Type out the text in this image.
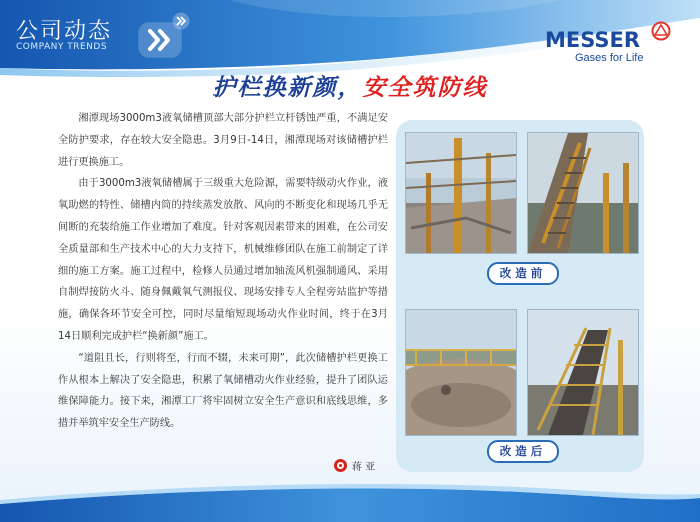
公司动态
COMPANY TRENDS	MESSER
Gases for Life
护栏换新颜，安全筑防线

湘潭现场3000m3液氧储槽顶部大部分护栏立杆锈蚀严重，不满足安全防护要求，存在较大安全隐患。3月9日-14日，湘潭现场对该储槽护栏进行更换施工。

由于3000m3液氧储槽属于三级重大危险源，需要特级动火作业，液氧助燃的特性、储槽内筒的持续蒸发放散、风向的不断变化和现场几乎无间断的充装给施工作业增加了难度。针对客观因素带来的困难，在公司安全质量部和生产技术中心的大力支持下，机械维修团队在施工前制定了详细的施工方案。施工过程中，检修人员通过增加轴流风机强制通风、采用自制焊接防火斗、随身佩戴氧气测报仪、现场安排专人全程旁站监护等措施，确保各环节安全可控，同时尽量缩短现场动火作业时间，终于在3月14日顺利完成护栏“换新颜”施工。

“道阻且长，行则将至，行而不辍，未来可期”，此次储槽护栏更换工作从根本上解决了安全隐患，积累了氧储槽动火作业经验，提升了团队运维保障能力。接下来，湘潭工厂将牢固树立安全生产意识和底线思维，多措并举筑牢安全生产防线。

蒋 亚
改造前
改造后
